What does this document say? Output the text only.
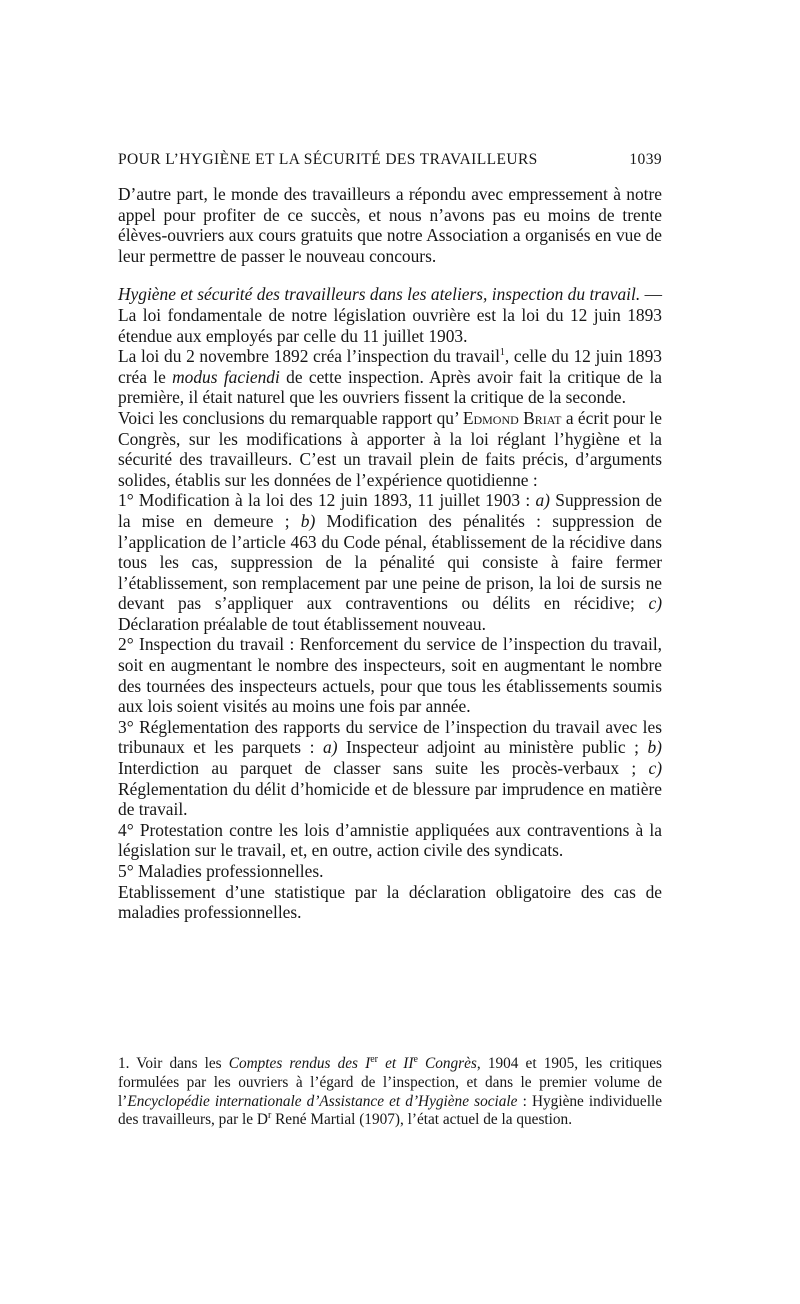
POUR L’HYGIÈNE ET LA SÉCURITÉ DES TRAVAILLEURS	1039

D’autre part, le monde des travailleurs a répondu avec empressement à notre appel pour profiter de ce succès, et nous n’avons pas eu moins de trente élèves-ouvriers aux cours gratuits que notre Association a organisés en vue de leur permettre de passer le nouveau concours.

Hygiène et sécurité des travailleurs dans les ateliers, inspection du travail. — La loi fondamentale de notre législation ouvrière est la loi du 12 juin 1893 étendue aux employés par celle du 11 juillet 1903.

La loi du 2 novembre 1892 créa l’inspection du travail$^1$, celle du 12 juin 1893 créa le modus faciendi de cette inspection. Après avoir fait la critique de la première, il était naturel que les ouvriers fissent la critique de la seconde.

Voici les conclusions du remarquable rapport qu’ Edmond Briat a écrit pour le Congrès, sur les modifications à apporter à la loi réglant l’hygiène et la sécurité des travailleurs. C’est un travail plein de faits précis, d’arguments solides, établis sur les données de l’expérience quotidienne :

1° Modification à la loi des 12 juin 1893, 11 juillet 1903 : a) Suppression de la mise en demeure ; b) Modification des pénalités : suppression de l’application de l’article 463 du Code pénal, établissement de la récidive dans tous les cas, suppression de la pénalité qui consiste à faire fermer l’établissement, son remplacement par une peine de prison, la loi de sursis ne devant pas s’appliquer aux contraventions ou délits en récidive; c) Déclaration préalable de tout établissement nouveau.

2° Inspection du travail : Renforcement du service de l’inspection du travail, soit en augmentant le nombre des inspecteurs, soit en augmentant le nombre des tournées des inspecteurs actuels, pour que tous les établissements soumis aux lois soient visités au moins une fois par année.

3° Réglementation des rapports du service de l’inspection du travail avec les tribunaux et les parquets : a) Inspecteur adjoint au ministère public ; b) Interdiction au parquet de classer sans suite les procès-verbaux ; c) Réglementation du délit d’homicide et de blessure par imprudence en matière de travail.

4° Protestation contre les lois d’amnistie appliquées aux contraventions à la législation sur le travail, et, en outre, action civile des syndicats.

5° Maladies professionnelles.

Etablissement d’une statistique par la déclaration obligatoire des cas de maladies professionnelles.

1. Voir dans les Comptes rendus des Ier et IIe Congrès, 1904 et 1905, les critiques formulées par les ouvriers à l’égard de l’inspection, et dans le premier volume de l’Encyclopédie internationale d’Assistance et d’Hygiène sociale : Hygiène individuelle des travailleurs, par le $D^r$ René Martial (1907), l’état actuel de la question.
